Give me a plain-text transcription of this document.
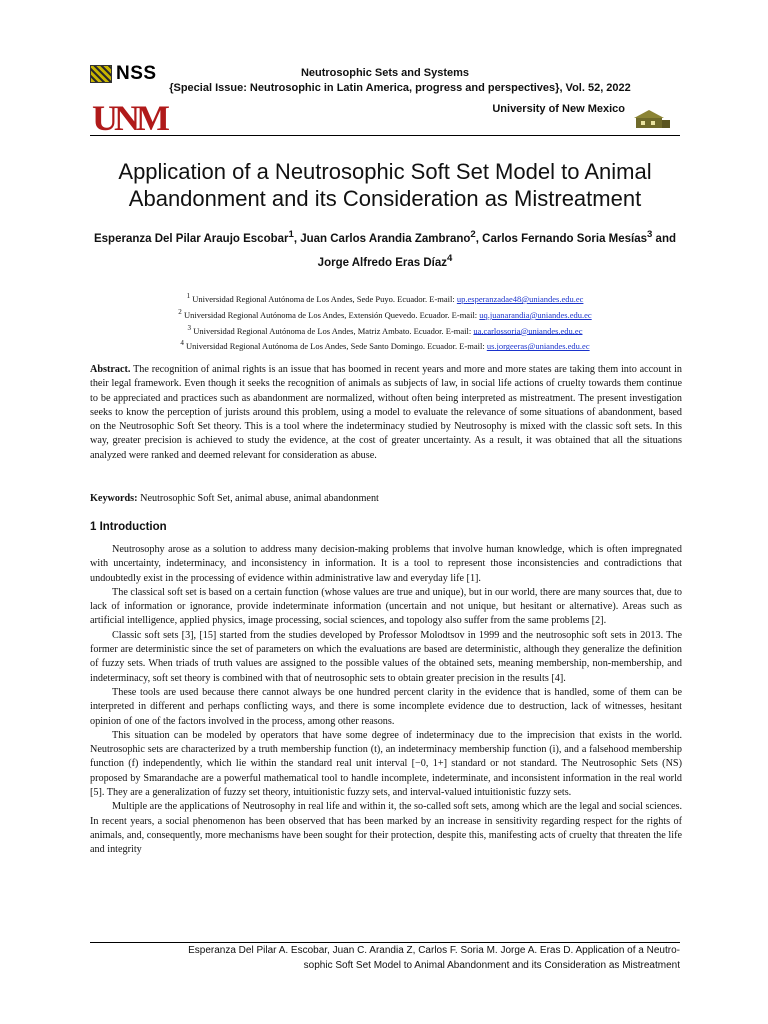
NSS	Neutrosophic Sets and Systems
{Special Issue: Neutrosophic in Latin America, progress and perspectives}, Vol. 52, 2022
UNM	University of New Mexico
Application of a Neutrosophic Soft Set Model to Animal Abandonment and its Consideration as Mistreatment
Esperanza Del Pilar Araujo Escobar$^1$, Juan Carlos Arandia Zambrano$^2$, Carlos Fernando Soria Mesías$^3$ and Jorge Alfredo Eras Díaz$^4$
$^1$ Universidad Regional Autónoma de Los Andes, Sede Puyo. Ecuador. E-mail: up.esperanzadae48@uniandes.edu.ec
$^2$ Universidad Regional Autónoma de Los Andes, Extensión Quevedo. Ecuador. E-mail: uq.juanarandia@uniandes.edu.ec
$^3$ Universidad Regional Autónoma de Los Andes, Matriz Ambato. Ecuador. E-mail: ua.carlossoria@uniandes.edu.ec
$^4$ Universidad Regional Autónoma de Los Andes, Sede Santo Domingo. Ecuador. E-mail: us.jorgeeras@uniandes.edu.ec
Abstract. The recognition of animal rights is an issue that has boomed in recent years and more and more states are taking them into account in their legal framework. Even though it seeks the recognition of animals as subjects of law, in social life actions of cruelty towards them continue to be appreciated and practices such as abandonment are normalized, without often being interpreted as mistreatment. The present investigation seeks to know the perception of jurists around this problem, using a model to evaluate the relevance of some situations of abandonment, based on the Neutrosophic Soft Set theory. This is a tool where the indeterminacy studied by Neutrosophy is mixed with the classic soft sets. In this way, greater precision is achieved to study the evidence, at the cost of greater uncertainty. As a result, it was obtained that all the situations analyzed were ranked and deemed relevant for consideration as abuse.
Keywords: Neutrosophic Soft Set, animal abuse, animal abandonment
1 Introduction

Neutrosophy arose as a solution to address many decision-making problems that involve human knowledge, which is often impregnated with uncertainty, indeterminacy, and inconsistency in information. It is a tool to represent those inconsistencies and contradictions that undoubtedly exist in the processing of evidence within administrative law and everyday life [1].

The classical soft set is based on a certain function (whose values are true and unique), but in our world, there are many sources that, due to lack of information or ignorance, provide indeterminate information (uncertain and not unique, but hesitant or alternative). Areas such as artificial intelligence, applied physics, image processing, social sciences, and topology also suffer from the same problems [2].

Classic soft sets [3], [15] started from the studies developed by Professor Molodtsov in 1999 and the neutrosophic soft sets in 2013. The former are deterministic since the set of parameters on which the evaluations are based are deterministic, although they generalize the definition of fuzzy sets. When triads of truth values are assigned to the possible values of the obtained sets, meaning membership, non-membership, and indeterminacy, soft set theory is combined with that of neutrosophic sets to obtain greater precision in the results [4].

These tools are used because there cannot always be one hundred percent clarity in the evidence that is handled, some of them can be interpreted in different and perhaps conflicting ways, and there is some incomplete evidence due to destruction, lack of witnesses, hesitant opinion of one of the factors involved in the process, among other reasons.

This situation can be modeled by operators that have some degree of indeterminacy due to the imprecision that exists in the world. Neutrosophic sets are characterized by a truth membership function (t), an indeterminacy membership function (i), and a falsehood membership function (f) independently, which lie within the standard real unit interval [−0, 1+] standard or not standard. The Neutrosophic Sets (NS) proposed by Smarandache are a powerful mathematical tool to handle incomplete, indeterminate, and inconsistent information in the real world [5]. They are a generalization of fuzzy set theory, intuitionistic fuzzy sets, and interval-valued intuitionistic fuzzy sets.

Multiple are the applications of Neutrosophy in real life and within it, the so-called soft sets, among which are the legal and social sciences. In recent years, a social phenomenon has been observed that has been marked by an increase in sensitivity regarding respect for the rights of animals, and, consequently, more mechanisms have been sought for their protection, despite this, manifesting acts of cruelty that threaten the life and integrity

Esperanza Del Pilar A. Escobar, Juan C. Arandia Z, Carlos F. Soria M. Jorge A. Eras D. Application of a Neutro-
sophic Soft Set Model to Animal Abandonment and its Consideration as Mistreatment
